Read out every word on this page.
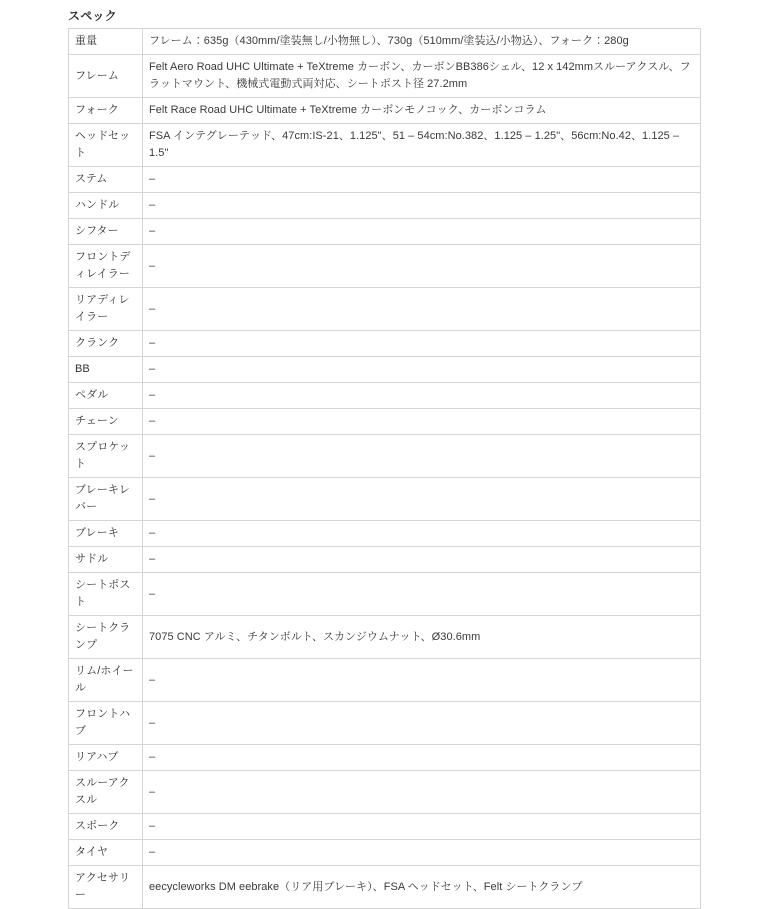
スペック
重量	フレーム：635g（430mm/塗装無し/小物無し）、730g（510mm/塗装込/小物込）、フォーク：280g
フレーム	Felt Aero Road UHC Ultimate + TeXtreme カーボン、カーボンBB386シェル、12 x 142mmスルーアクスル、フラットマウント、機械式電動式両対応、シートポスト径 27.2mm
フォーク	Felt Race Road UHC Ultimate + TeXtreme カーボンモノコック、カーボンコラム
ヘッドセット	FSA インテグレーテッド、47cm:IS-21、1.125"、51 – 54cm:No.382、1.125 – 1.25"、56cm:No.42、1.125 – 1.5"
ステム	–
ハンドル	–
シフター	–
フロントディレイラー	–
リアディレイラー	–
クランク	–
BB	–
ペダル	–
チェーン	–
スプロケット	–
ブレーキレバー	–
ブレーキ	–
サドル	–
シートポスト	–
シートクランプ	7075 CNC アルミ、チタンボルト、スカンジウムナット、Ø30.6mm
リム/ホイール	–
フロントハブ	–
リアハブ	–
スルーアクスル	–
スポーク	–
タイヤ	–
アクセサリー	eecycleworks DM eebrake（リア用ブレーキ）、FSA ヘッドセット、Felt シートクランプ
